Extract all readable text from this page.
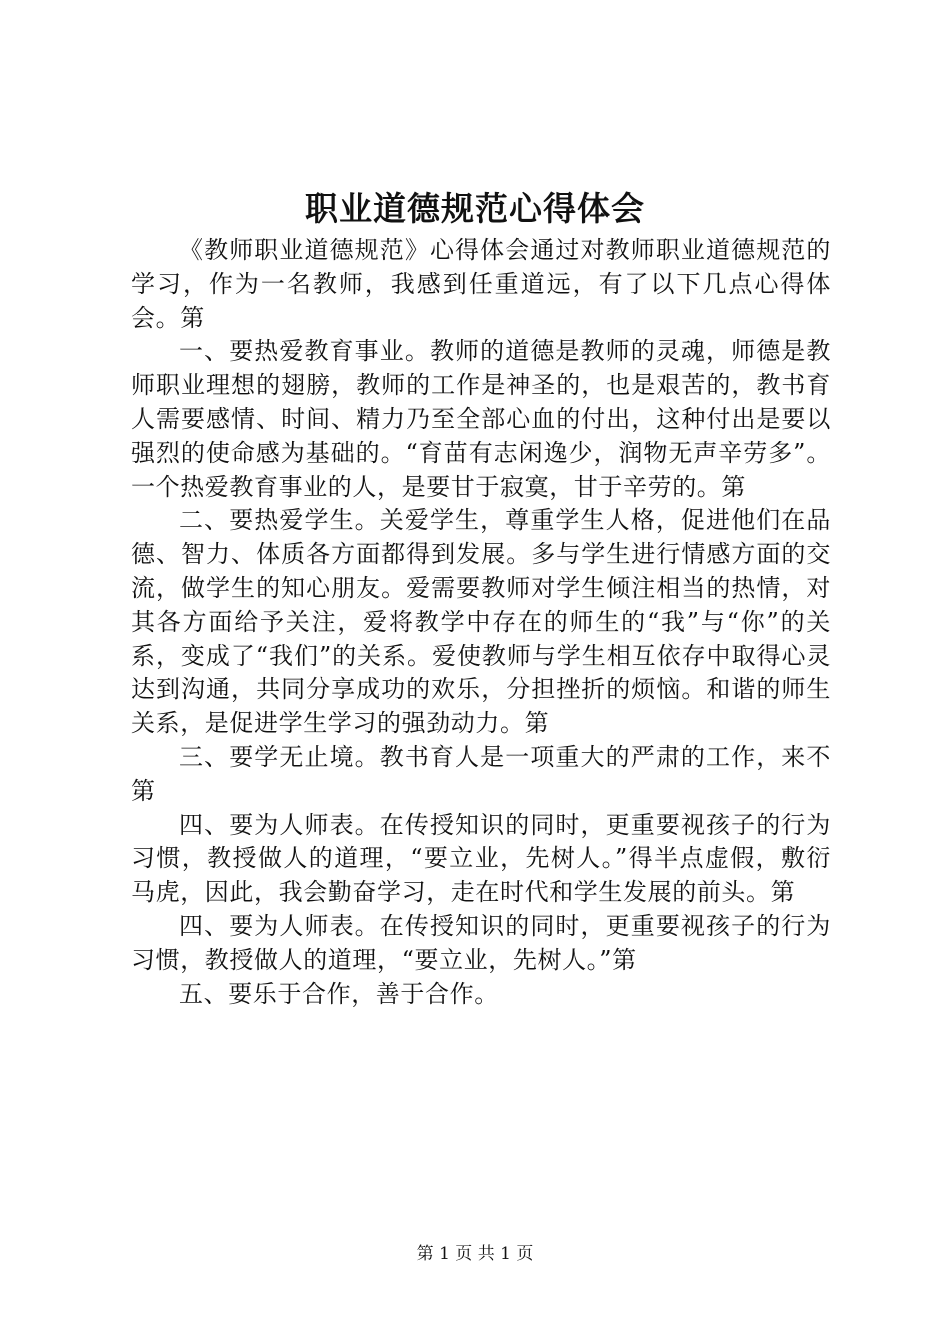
职业道德规范心得体会

《教师职业道德规范》心得体会通过对教师职业道德规范的学习，作为一名教师，我感到任重道远，有了以下几点心得体会。第

一、要热爱教育事业。教师的道德是教师的灵魂，师德是教师职业理想的翅膀，教师的工作是神圣的，也是艰苦的，教书育人需要感情、时间、精力乃至全部心血的付出，这种付出是要以强烈的使命感为基础的。“育苗有志闲逸少，润物无声辛劳多”。一个热爱教育事业的人，是要甘于寂寞，甘于辛劳的。第

二、要热爱学生。关爱学生，尊重学生人格，促进他们在品德、智力、体质各方面都得到发展。多与学生进行情感方面的交流，做学生的知心朋友。爱需要教师对学生倾注相当的热情，对其各方面给予关注，爱将教学中存在的师生的“我”与“你”的关系，变成了“我们”的关系。爱使教师与学生相互依存中取得心灵达到沟通，共同分享成功的欢乐，分担挫折的烦恼。和谐的师生关系，是促进学生学习的强劲动力。第

三、要学无止境。教书育人是一项重大的严肃的工作，来不第

四、要为人师表。在传授知识的同时，更重要视孩子的行为习惯，教授做人的道理，“要立业，先树人。”得半点虚假，敷衍马虎，因此，我会勤奋学习，走在时代和学生发展的前头。第

四、要为人师表。在传授知识的同时，更重要视孩子的行为习惯，教授做人的道理，“要立业，先树人。”第

五、要乐于合作，善于合作。

第 1 页 共 1 页
